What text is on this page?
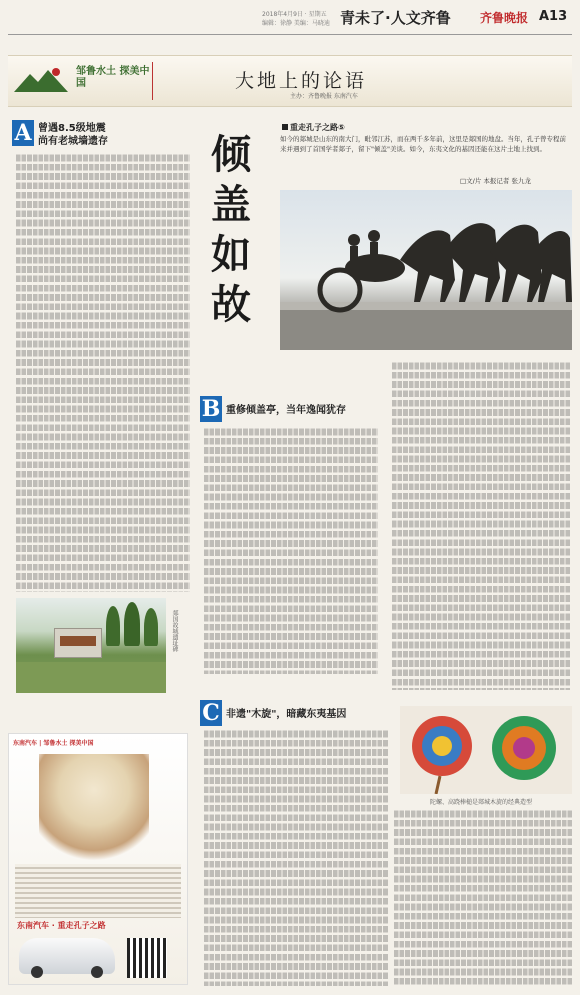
2018年4月9日 · 星期五
编辑：徐静 美编：马晓迪 青未了·人文齐鲁 齐鲁晚报 A13
邹鲁水土 探美中国	大地上的论语
主办：齐鲁晚报 东南汽车
A 曾遇8.5级地震
尚有老城墙遗存
郯国故城遗址碑
东南汽车 | 邹鲁水土 探美中国
东南汽车 · 重走孔子之路
重走孔子之路⑤
如今的郯城是山东的南大门，毗邻江苏，而在两千多年前，这里是郯国的地盘。当年，孔子曾专程前来并遇到了首国学者郯子，留下"倾盖"美谈。如今，东夷文化的基因还能在这片土地上找到。
□文/片 本报记者 张九龙
倾盖如故
B 重修倾盖亭，当年逸闻犹存
C 非遗"木旋"，暗藏东夷基因
陀螺、高跷棒槌是郯城木旋的经典造型
